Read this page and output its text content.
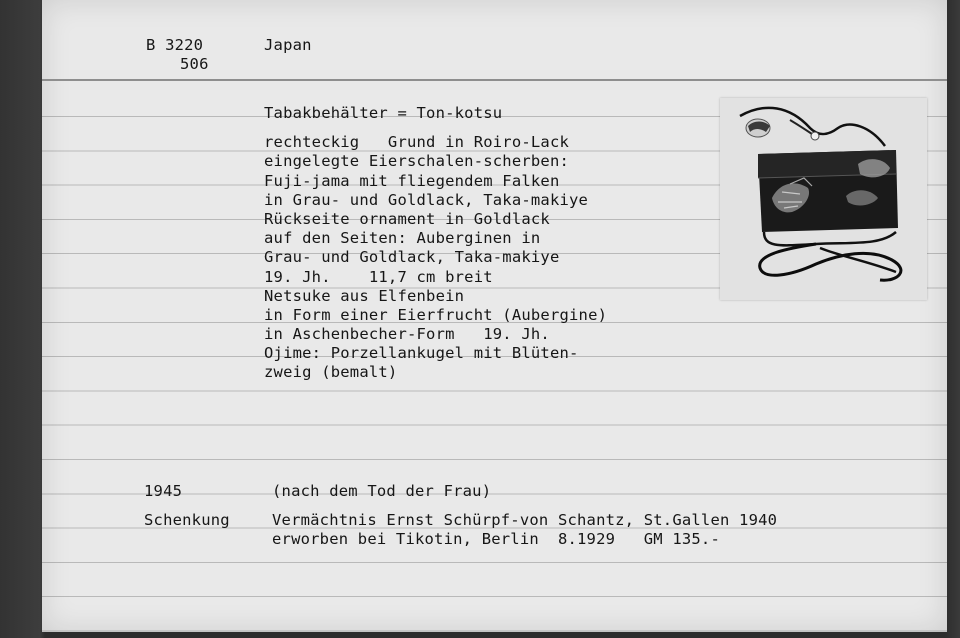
B 3220
506
Japan
Tabakbehälter = Ton-kotsu
rechteckig   Grund in Roiro-Lack
eingelegte Eierschalen-scherben:
Fuji-jama mit fliegendem Falken
in Grau- und Goldlack, Taka-makiye
Rückseite ornament in Goldlack
auf den Seiten: Auberginen in
Grau- und Goldlack, Taka-makiye
19. Jh.    11,7 cm breit
Netsuke aus Elfenbein
in Form einer Eierfrucht (Aubergine)
in Aschenbecher-Form   19. Jh.
Ojime: Porzellankugel mit Blüten-
zweig (bemalt)
1945	(nach dem Tod der Frau)
Schenkung	Vermächtnis Ernst Schürpf-von Schantz, St.Gallen 1940
erworben bei Tikotin, Berlin  8.1929   GM 135.-
